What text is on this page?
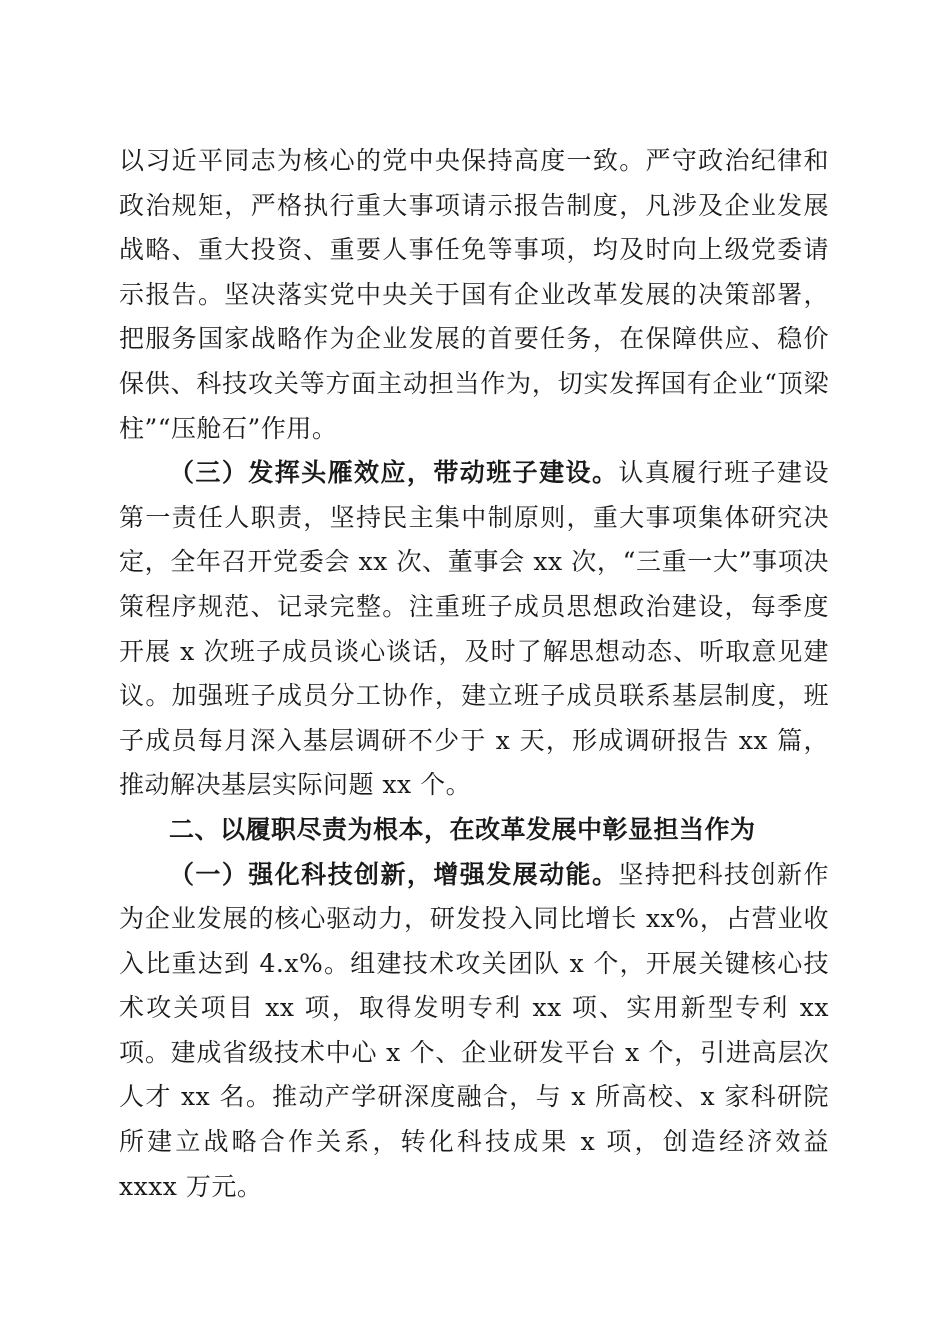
以习近平同志为核心的党中央保持高度一致。严守政治纪律和政治规矩，严格执行重大事项请示报告制度，凡涉及企业发展战略、重大投资、重要人事任免等事项，均及时向上级党委请示报告。坚决落实党中央关于国有企业改革发展的决策部署，把服务国家战略作为企业发展的首要任务，在保障供应、稳价保供、科技攻关等方面主动担当作为，切实发挥国有企业“顶梁柱”“压舱石”作用。

（三）发挥头雁效应，带动班子建设。认真履行班子建设第一责任人职责，坚持民主集中制原则，重大事项集体研究决定，全年召开党委会 xx 次、董事会 xx 次，“三重一大”事项决策程序规范、记录完整。注重班子成员思想政治建设，每季度开展 x 次班子成员谈心谈话，及时了解思想动态、听取意见建议。加强班子成员分工协作，建立班子成员联系基层制度，班子成员每月深入基层调研不少于 x 天，形成调研报告 xx 篇，推动解决基层实际问题 xx 个。

二、以履职尽责为根本，在改革发展中彰显担当作为

（一）强化科技创新，增强发展动能。坚持把科技创新作为企业发展的核心驱动力，研发投入同比增长 xx%，占营业收入比重达到 4.x%。组建技术攻关团队 x 个，开展关键核心技术攻关项目 xx 项，取得发明专利 xx 项、实用新型专利 xx 项。建成省级技术中心 x 个、企业研发平台 x 个，引进高层次人才 xx 名。推动产学研深度融合，与 x 所高校、x 家科研院所建立战略合作关系，转化科技成果 x 项，创造经济效益 xxxx 万元。
